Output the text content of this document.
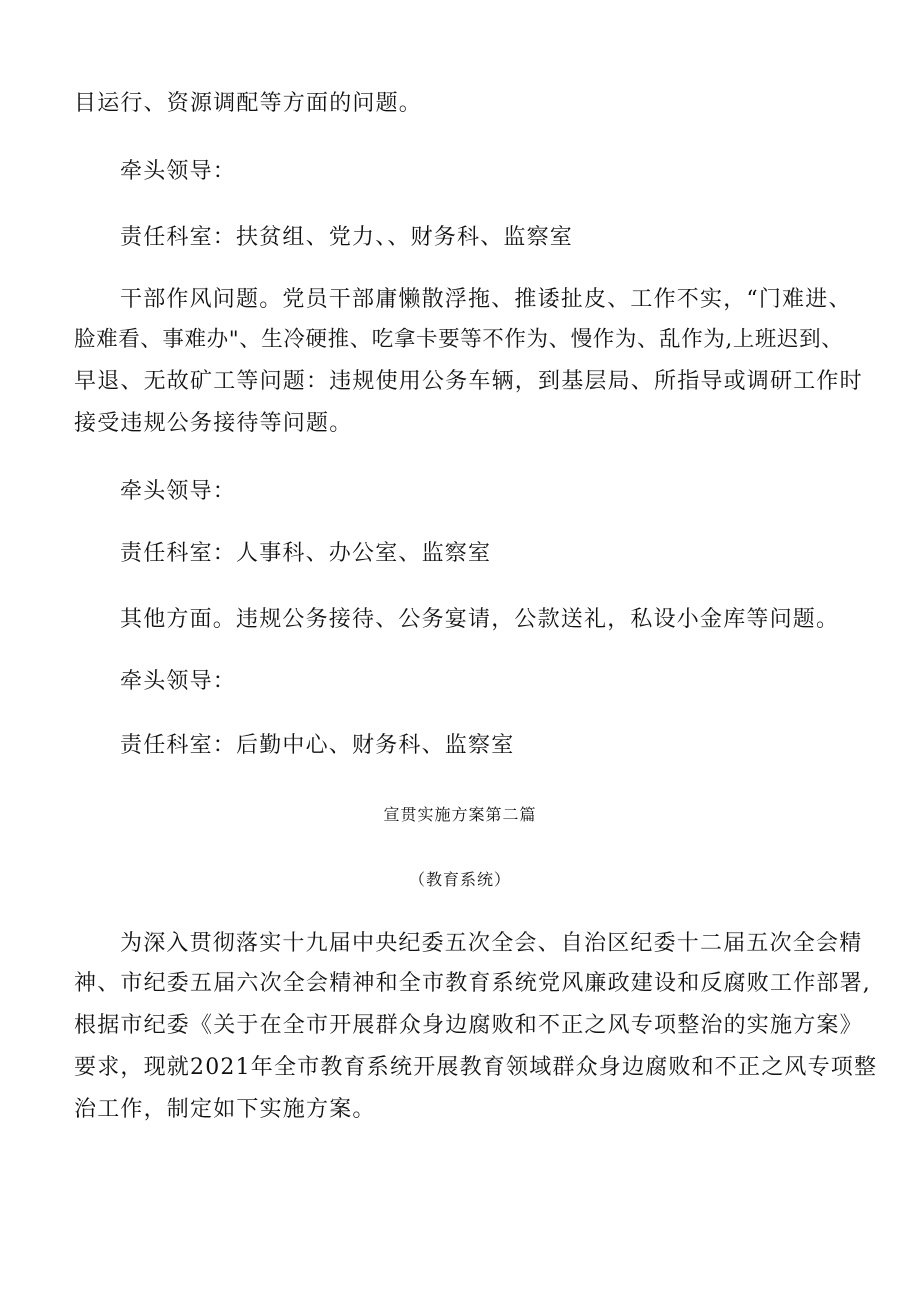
目运行、资源调配等方面的问题。
牵头领导：
责任科室：扶贫组、党力、、财务科、监察室
干部作风问题。党员干部庸懒散浮拖、推诿扯皮、工作不实，“门难进、
脸难看、事难办"、生冷硬推、吃拿卡要等不作为、慢作为、乱作为,上班迟到、
早退、无故矿工等问题：违规使用公务车辆，到基层局、所指导或调研工作时
接受违规公务接待等问题。
牵头领导：
责任科室：人事科、办公室、监察室
其他方面。违规公务接待、公务宴请，公款送礼，私设小金库等问题。
牵头领导：
责任科室：后勤中心、财务科、监察室
宣贯实施方案第二篇
（教育系统）
为深入贯彻落实十九届中央纪委五次全会、自治区纪委十二届五次全会精
神、市纪委五届六次全会精神和全市教育系统党风廉政建设和反腐败工作部署,
根据市纪委《关于在全市开展群众身边腐败和不正之风专项整治的实施方案》
要求，现就2021年全市教育系统开展教育领域群众身边腐败和不正之风专项整
治工作，制定如下实施方案。
